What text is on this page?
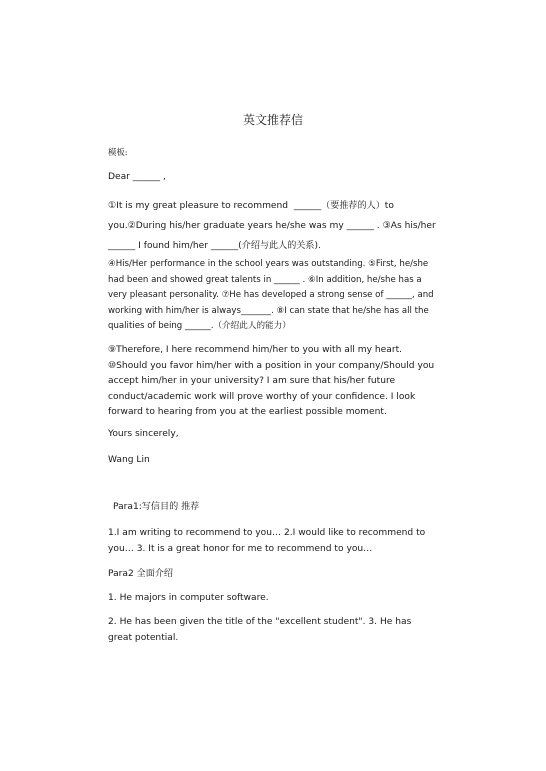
英文推荐信
模板:
Dear ______ ,
①It is my great pleasure to recommend  ______（要推荐的人）to you.②During his/her graduate years he/she was my ______ . ③As his/her ______ I found him/her ______(介绍与此人的关系).
④His/Her performance in the school years was outstanding. ⑤First, he/she had been and showed great talents in ______ . ⑥In addition, he/she has a very pleasant personality. ⑦He has developed a strong sense of ______, and working with him/her is always_______. ⑧I can state that he/she has all the qualities of being ______.（介绍此人的能力）
⑨Therefore, I here recommend him/her to you with all my heart. ⑩Should you favor him/her with a position in your company/Should you accept him/her in your university? I am sure that his/her future conduct/academic work will prove worthy of your confidence. I look forward to hearing from you at the earliest possible moment.
Yours sincerely,
Wang Lin
Para1:写信目的 推荐
1.I am writing to recommend to you… 2.I would like to recommend to you… 3. It is a great honor for me to recommend to you…
Para2 全面介绍
1. He majors in computer software.
2. He has been given the title of the "excellent student". 3. He has great potential.
